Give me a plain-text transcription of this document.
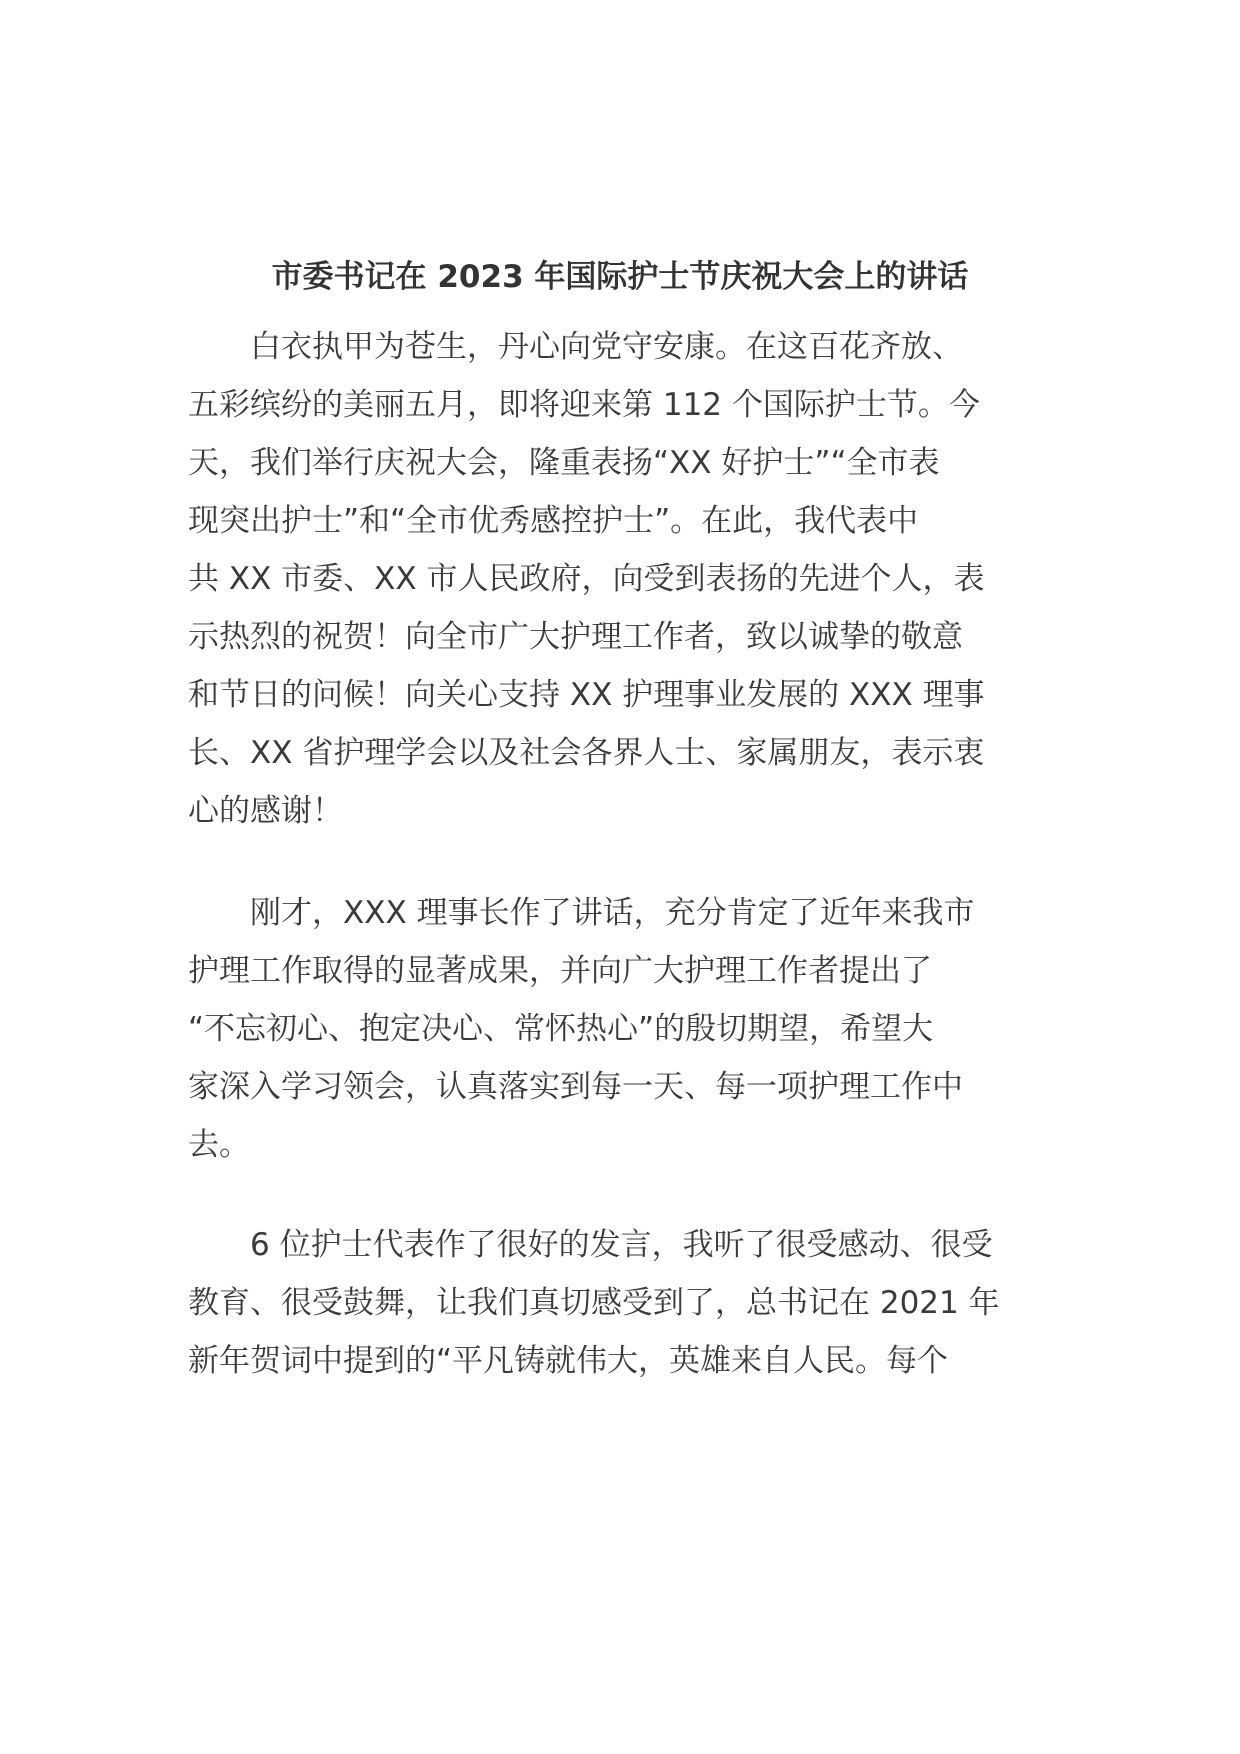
市委书记在 2023 年国际护士节庆祝大会上的讲话
　　白衣执甲为苍生，丹心向党守安康。在这百花齐放、
五彩缤纷的美丽五月，即将迎来第 112 个国际护士节。今
天，我们举行庆祝大会，隆重表扬“XX 好护士”“全市表
现突出护士”和“全市优秀感控护士”。在此，我代表中
共 XX 市委、XX 市人民政府，向受到表扬的先进个人，表
示热烈的祝贺！向全市广大护理工作者，致以诚挚的敬意
和节日的问候！向关心支持 XX 护理事业发展的 XXX 理事
长、XX 省护理学会以及社会各界人士、家属朋友，表示衷
心的感谢！
　　刚才，XXX 理事长作了讲话，充分肯定了近年来我市
护理工作取得的显著成果，并向广大护理工作者提出了
“不忘初心、抱定决心、常怀热心”的殷切期望，希望大
家深入学习领会，认真落实到每一天、每一项护理工作中
去。
　　6 位护士代表作了很好的发言，我听了很受感动、很受
教育、很受鼓舞，让我们真切感受到了，总书记在 2021 年
新年贺词中提到的“平凡铸就伟大，英雄来自人民。每个
